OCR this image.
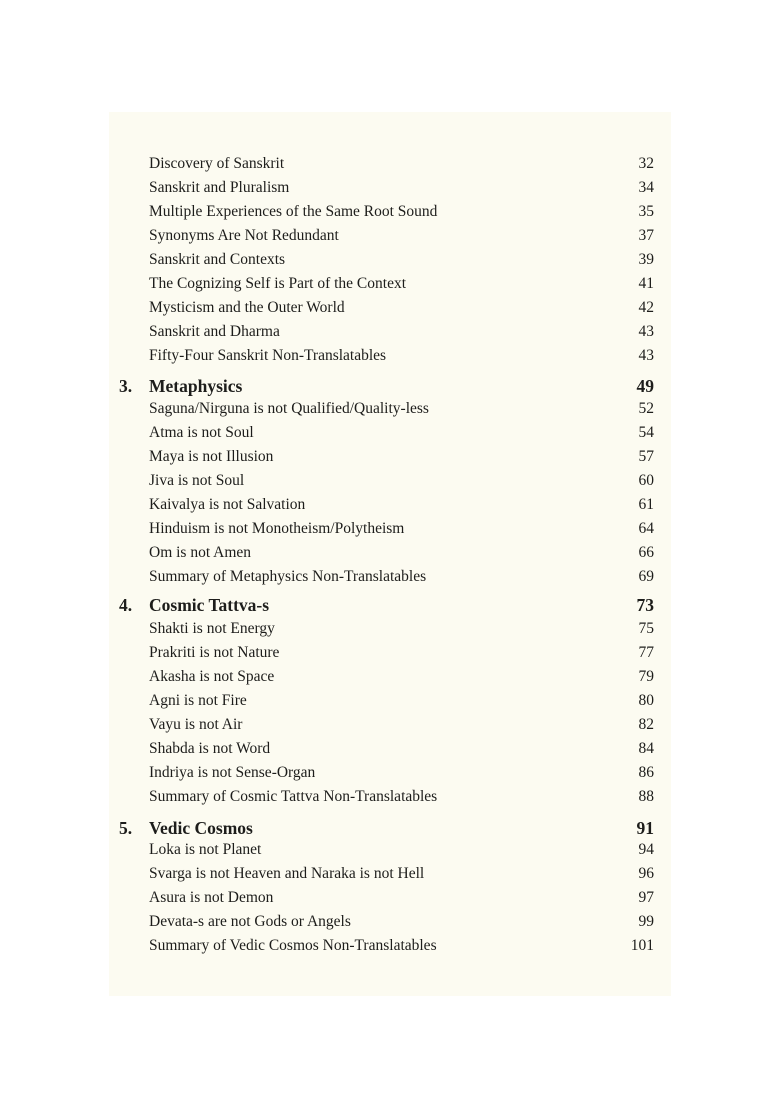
Discovery of Sanskrit	32
Sanskrit and Pluralism	34
Multiple Experiences of the Same Root Sound	35
Synonyms Are Not Redundant	37
Sanskrit and Contexts	39
The Cognizing Self is Part of the Context	41
Mysticism and the Outer World	42
Sanskrit and Dharma	43
Fifty-Four Sanskrit Non-Translatables	43
3. Metaphysics	49
Saguna/Nirguna is not Qualified/Quality-less	52
Atma is not Soul	54
Maya is not Illusion	57
Jiva is not Soul	60
Kaivalya is not Salvation	61
Hinduism is not Monotheism/Polytheism	64
Om is not Amen	66
Summary of Metaphysics Non-Translatables	69
4. Cosmic Tattva-s	73
Shakti is not Energy	75
Prakriti is not Nature	77
Akasha is not Space	79
Agni is not Fire	80
Vayu is not Air	82
Shabda is not Word	84
Indriya is not Sense-Organ	86
Summary of Cosmic Tattva Non-Translatables	88
5. Vedic Cosmos	91
Loka is not Planet	94
Svarga is not Heaven and Naraka is not Hell	96
Asura is not Demon	97
Devata-s are not Gods or Angels	99
Summary of Vedic Cosmos Non-Translatables	101
